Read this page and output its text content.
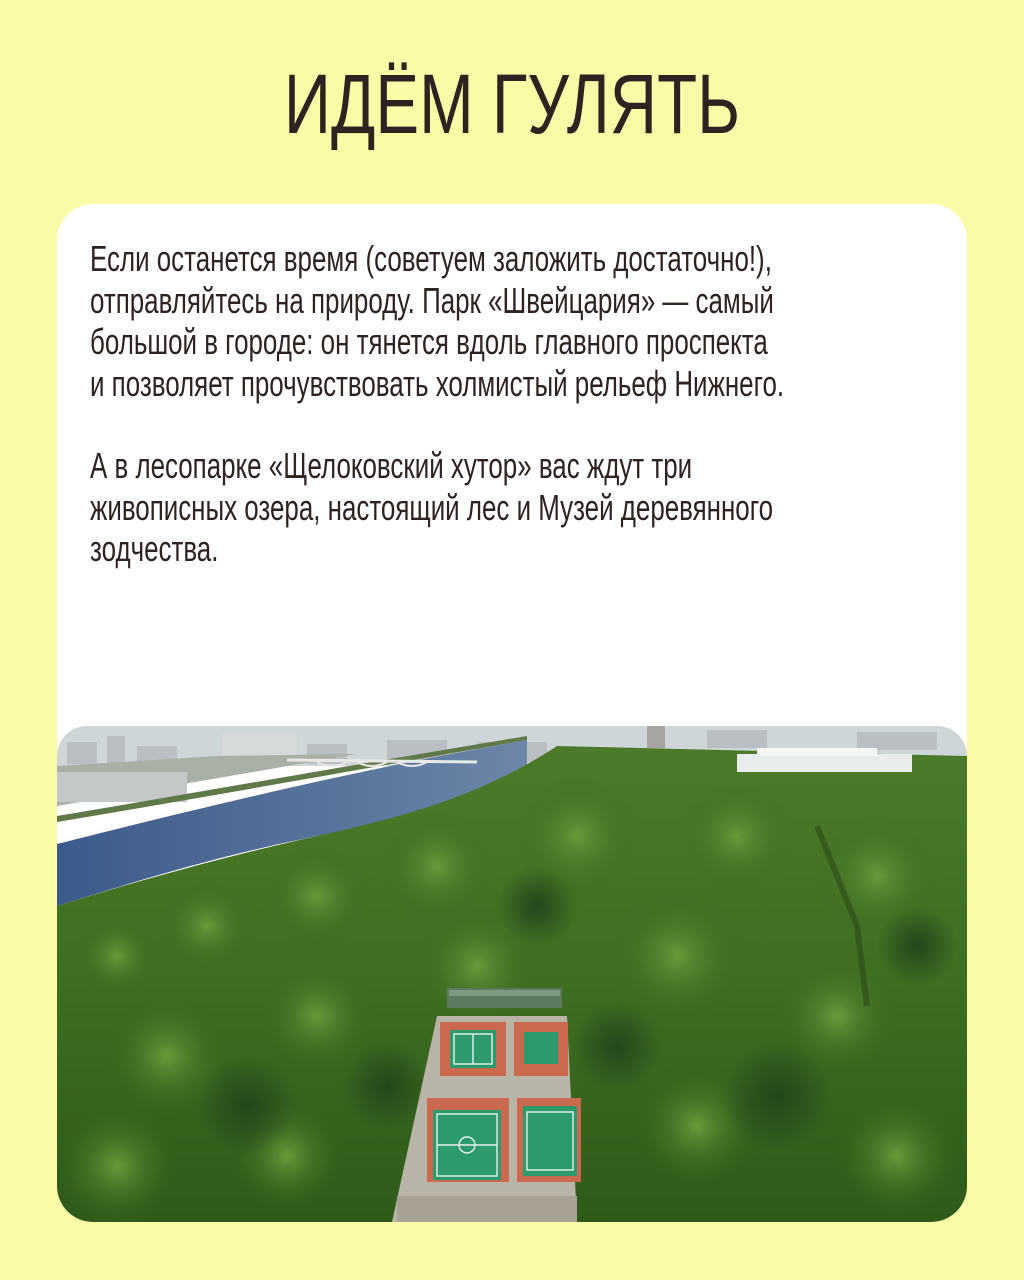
ИДЁМ ГУЛЯТЬ

Если останется время (советуем заложить достаточно!),
отправляйтесь на природу. Парк «Швейцария» — самый
большой в городе: он тянется вдоль главного проспекта
и позволяет прочувствовать холмистый рельеф Нижнего.

А в лесопарке «Щелоковский хутор» вас ждут три
живописных озера, настоящий лес и Музей деревянного
зодчества.
